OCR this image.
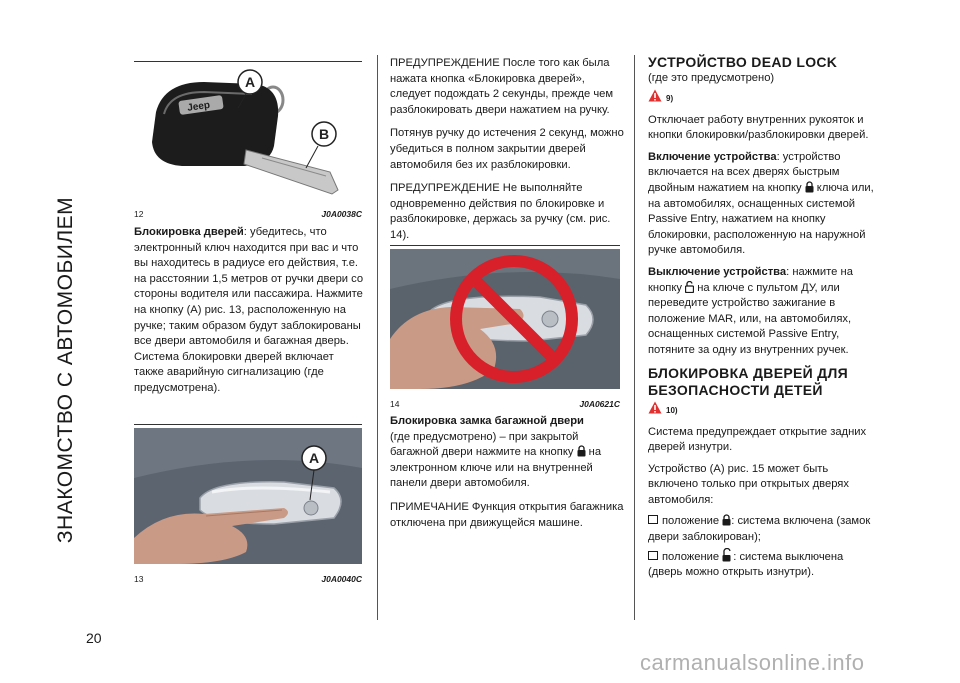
ЗНАКОМСТВО С АВТОМОБИЛЕМ
20
Jeep
A
B
12	J0A0038C

Блокировка дверей: убедитесь, что электронный ключ находится при вас и что вы находитесь в радиусе его действия, т.е. на расстоянии 1,5 метров от ручки двери со стороны водителя или пассажира. Нажмите на кнопку (А) рис. 13, расположенную на ручке; таким образом будут заблокированы все двери автомобиля и багажная дверь. Система блокировки дверей включает также аварийную сигнализацию (где предусмотрена).

A
13	J0A0040C

ПРЕДУПРЕЖДЕНИЕ После того как была нажата кнопка «Блокировка дверей», следует подождать 2 секунды, прежде чем разблокировать двери нажатием на ручку.

Потянув ручку до истечения 2 секунд, можно убедиться в полном закрытии дверей автомобиля без их разблокировки.

ПРЕДУПРЕЖДЕНИЕ Не выполняйте одновременно действия по блокировке и разблокировке, держась за ручку (см. рис. 14).

14	J0A0621C

Блокировка замка багажной двери
(где предусмотрено) – при закрытой багажной двери нажмите на кнопку на электронном ключе или на внутренней панели двери автомобиля.

ПРИМЕЧАНИЕ Функция открытия багажника отключена при движущейся машине.

УСТРОЙСТВО DEAD LOCK
(где это предусмотрено)
9)

Отключает работу внутренних рукояток и кнопки блокировки/разблокировки дверей.

Включение устройства: устройство включается на всех дверях быстрым двойным нажатием на кнопку ключа или, на автомобилях, оснащенных системой Passive Entry, нажатием на кнопку блокировки, расположенную на наружной ручке автомобиля.

Выключение устройства: нажмите на кнопку на ключе с пультом ДУ, или переведите устройство зажигание в положение MAR, или, на автомобилях, оснащенных системой Passive Entry, потяните за одну из внутренних ручек.

БЛОКИРОВКА ДВЕРЕЙ ДЛЯ БЕЗОПАСНОСТИ ДЕТЕЙ
10)

Система предупреждает открытие задних дверей изнутри.

Устройство (А) рис. 15 может быть включено только при открытых дверях автомобиля:

положение : система включена (замок двери заблокирован);

положение : система выключена (дверь можно открыть изнутри).

carmanualsonline.info
